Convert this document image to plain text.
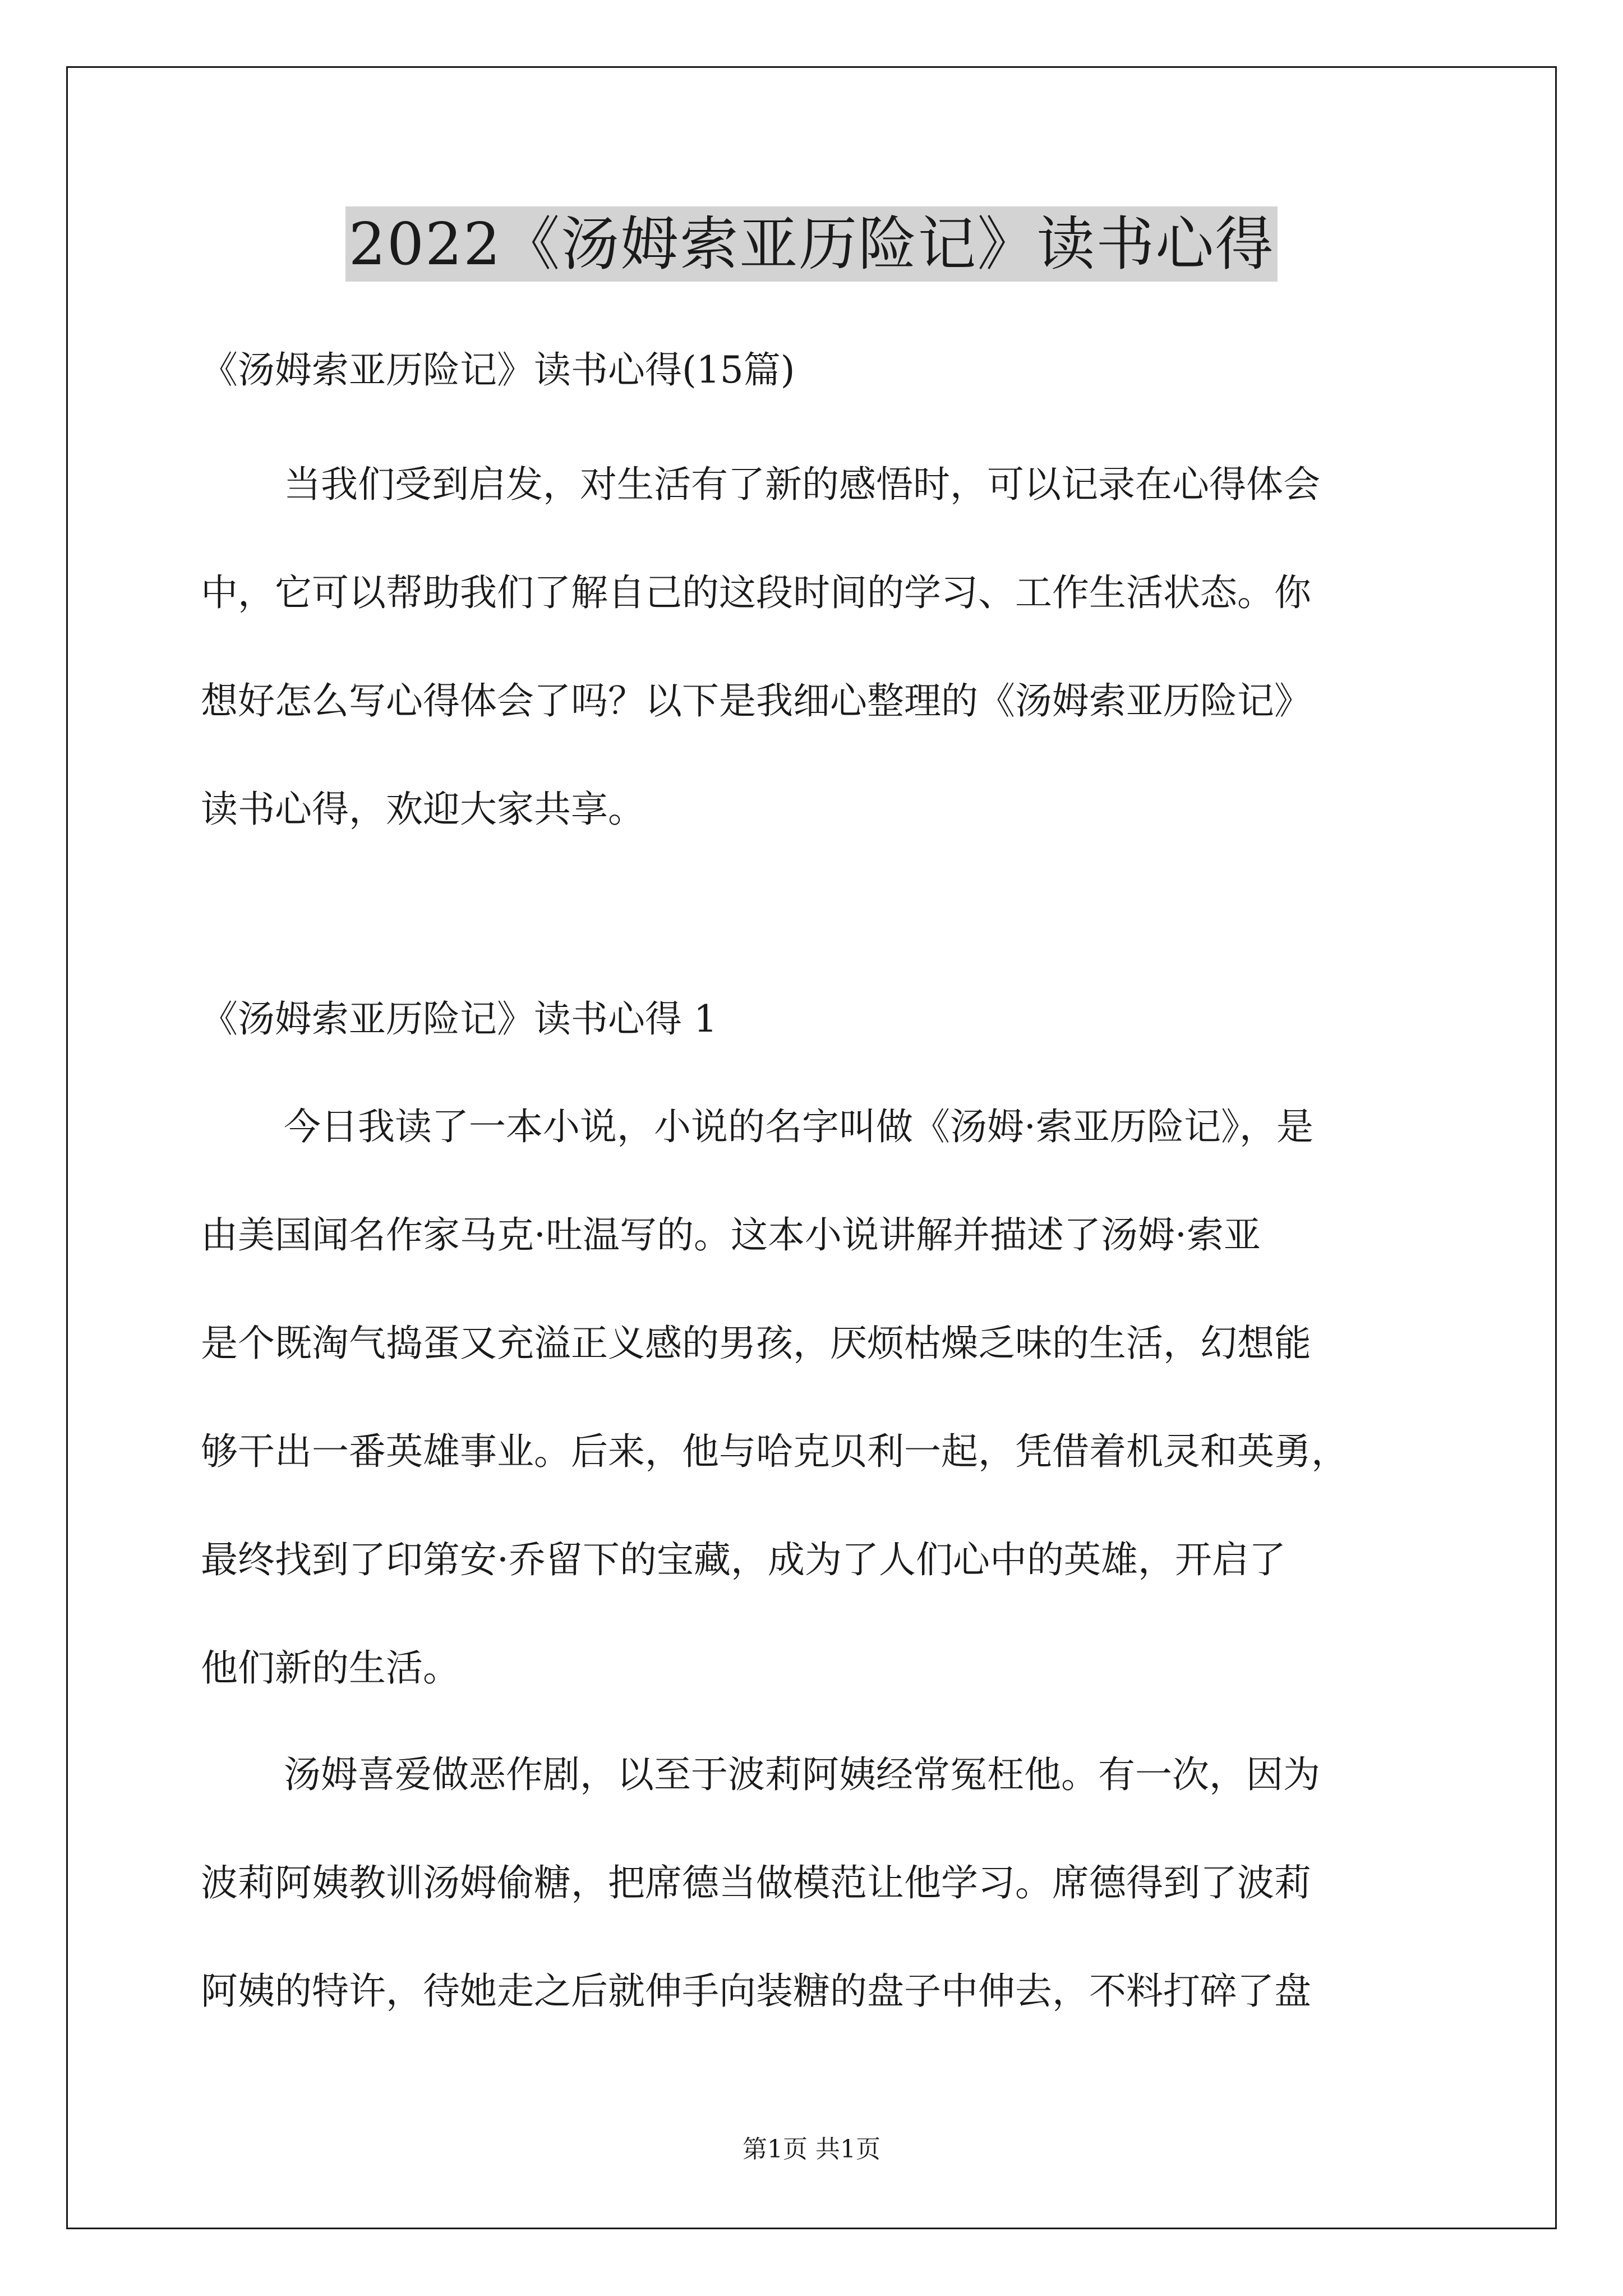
2022《汤姆索亚历险记》读书心得
《汤姆索亚历险记》读书心得(15篇)
当我们受到启发，对生活有了新的感悟时，可以记录在心得体会
中，它可以帮助我们了解自己的这段时间的学习、工作生活状态。你
想好怎么写心得体会了吗？以下是我细心整理的《汤姆索亚历险记》
读书心得，欢迎大家共享。
《汤姆索亚历险记》读书心得 1
今日我读了一本小说，小说的名字叫做《汤姆·索亚历险记》，是
由美国闻名作家马克·吐温写的。这本小说讲解并描述了汤姆·索亚
是个既淘气捣蛋又充溢正义感的男孩，厌烦枯燥乏味的生活，幻想能
够干出一番英雄事业。后来，他与哈克贝利一起，凭借着机灵和英勇，
最终找到了印第安·乔留下的宝藏，成为了人们心中的英雄，开启了
他们新的生活。
汤姆喜爱做恶作剧，以至于波莉阿姨经常冤枉他。有一次，因为
波莉阿姨教训汤姆偷糖，把席德当做模范让他学习。席德得到了波莉
阿姨的特许，待她走之后就伸手向装糖的盘子中伸去，不料打碎了盘
第1页 共1页
